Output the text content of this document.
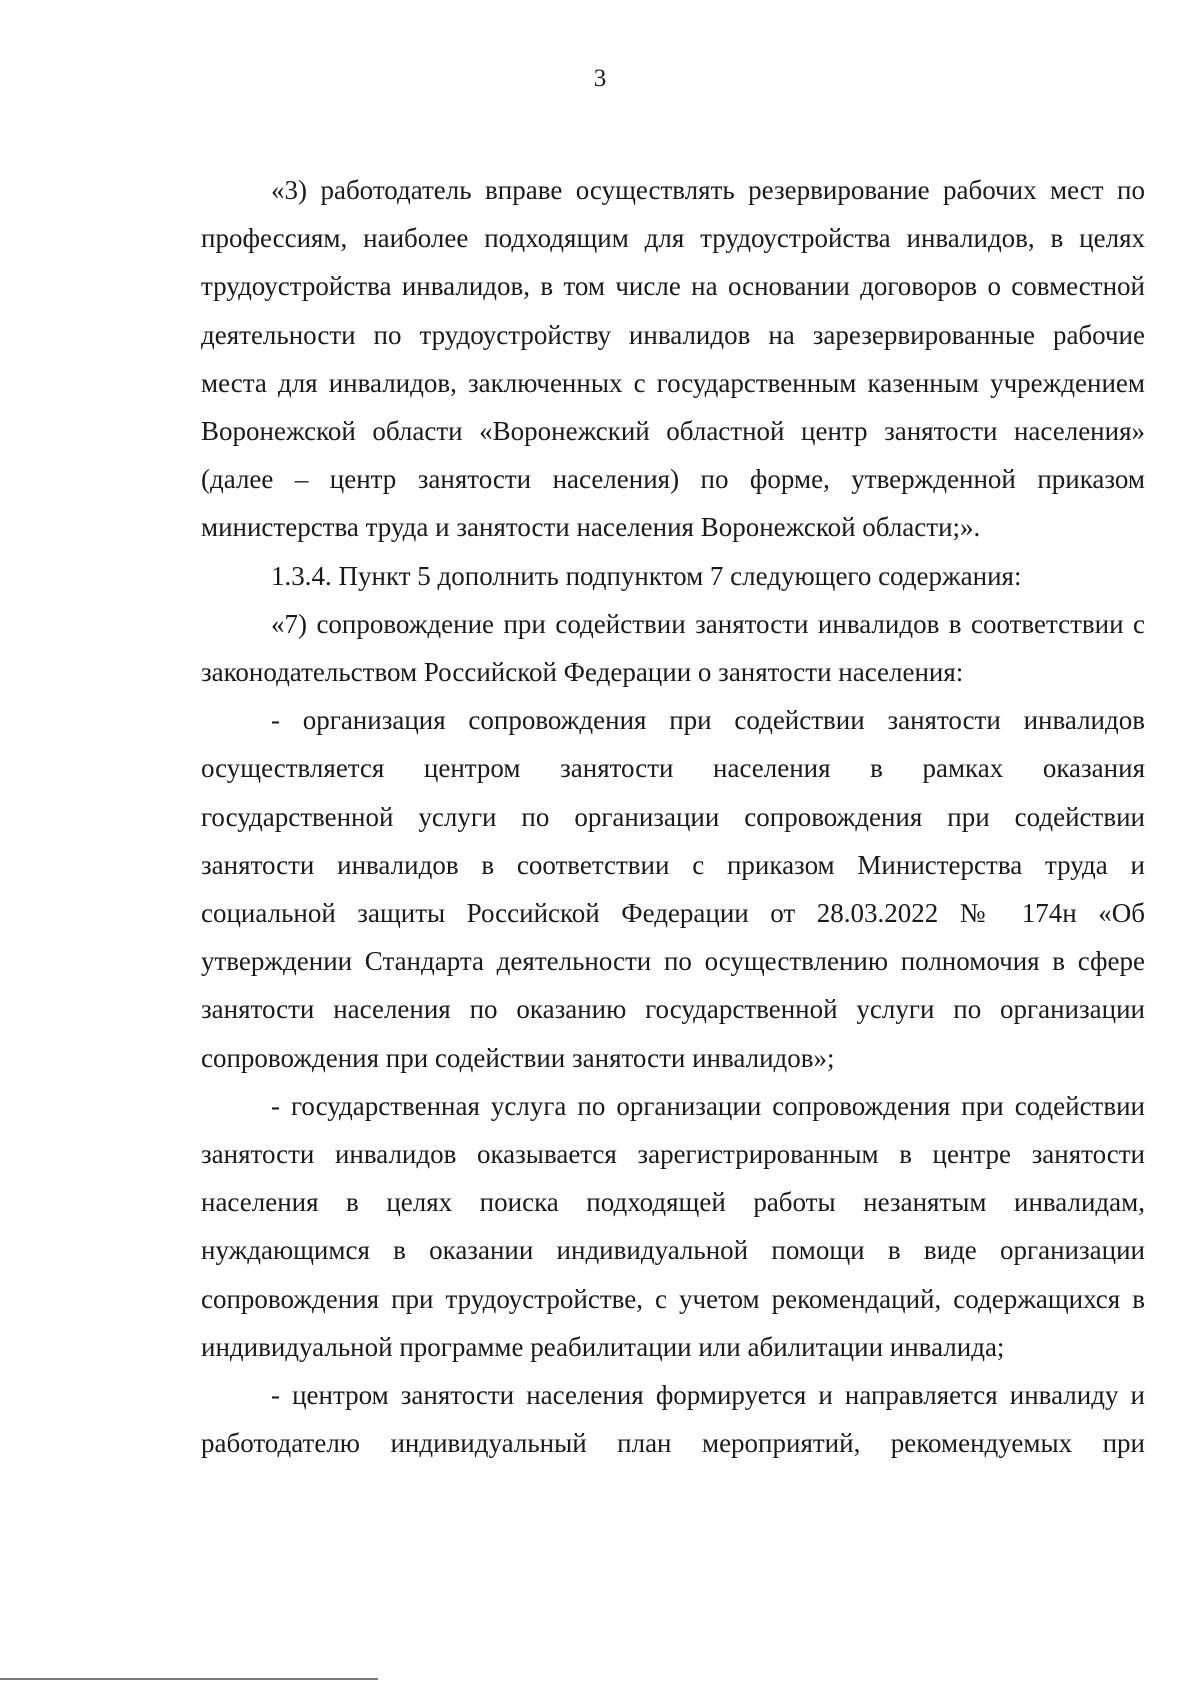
3

«3) работодатель вправе осуществлять резервирование рабочих мест по профессиям, наиболее подходящим для трудоустройства инвалидов, в целях трудоустройства инвалидов, в том числе на основании договоров о совместной деятельности по трудоустройству инвалидов на зарезервированные рабочие места для инвалидов, заключенных с государственным казенным учреждением Воронежской области «Воронежский областной центр занятости населения» (далее – центр занятости населения) по форме, утвержденной приказом министерства труда и занятости населения Воронежской области;».

1.3.4. Пункт 5 дополнить подпунктом 7 следующего содержания:

«7) сопровождение при содействии занятости инвалидов в соответствии с законодательством Российской Федерации о занятости населения:

- организация сопровождения при содействии занятости инвалидов осуществляется центром занятости населения в рамках оказания государственной услуги по организации сопровождения при содействии занятости инвалидов в соответствии с приказом Министерства труда и социальной защиты Российской Федерации от 28.03.2022 № 174н «Об утверждении Стандарта деятельности по осуществлению полномочия в сфере занятости населения по оказанию государственной услуги по организации сопровождения при содействии занятости инвалидов»;

- государственная услуга по организации сопровождения при содействии занятости инвалидов оказывается зарегистрированным в центре занятости населения в целях поиска подходящей работы незанятым инвалидам, нуждающимся в оказании индивидуальной помощи в виде организации сопровождения при трудоустройстве, с учетом рекомендаций, содержащихся в индивидуальной программе реабилитации или абилитации инвалида;

- центром занятости населения формируется и направляется инвалиду и работодателю индивидуальный план мероприятий, рекомендуемых при
